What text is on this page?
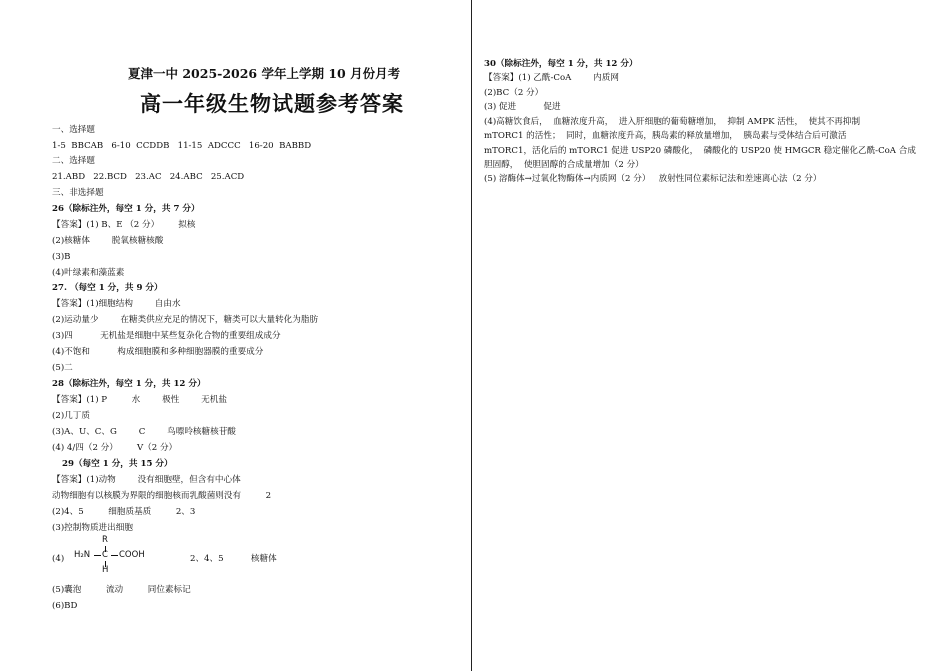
夏津一中 2025-2026 学年上学期 10 月份月考
高一年级生物试题参考答案
一、选择题
1-5  BBCAB   6-10  CCDDB   11-15  ADCCC   16-20  BABBD
二、选择题
21.ABD   22.BCD   23.AC   24.ABC   25.ACD
三、非选择题
26（除标注外，每空 1 分，共 7 分）
【答案】(1) B、E （2 分）       拟核
(2)核糖体        脱氧核糖核酸
(3)B
(4)叶绿素和藻蓝素
27. （每空 1 分，共 9 分）
【答案】(1)细胞结构        自由水
(2)运动量少        在糖类供应充足的情况下，糖类可以大量转化为脂肪
(3)四          无机盐是细胞中某些复杂化合物的重要组成成分
(4)不饱和          构成细胞膜和多种细胞器膜的重要成分
(5)二
28（除标注外，每空 1 分，共 12 分）
【答案】(1) P         水        极性        无机盐
(2)几丁质
(3)A、U、C、G        C        鸟嘌呤核糖核苷酸
(4) 4/四（2 分）       V（2 分）
29（每空 1 分，共 15 分）
【答案】(1)动物        没有细胞壁，但含有中心体
动物细胞有以核膜为界限的细胞核而乳酸菌则没有         2
(2)4、5         细胞质基质         2、3
(3)控制物质进出细胞
(4)
R
H₂N C COOH
H
2、4、5          核糖体
(5)囊泡         流动         同位素标记
(6)BD
30（除标注外，每空 1 分，共 12 分）
【答案】(1) 乙酰-CoA        内质网
(2)BC（2 分）
(3) 促进          促进
(4)高糖饮食后，  血糖浓度升高，  进入肝细胞的葡萄糖增加，  抑制 AMPK 活性，  使其不再抑制
mTORC1 的活性；  同时，血糖浓度升高，胰岛素的释放量增加，  胰岛素与受体结合后可激活
mTORC1，活化后的 mTORC1 促进 USP20 磷酸化，  磷酸化的 USP20 使 HMGCR 稳定催化乙酰-CoA 合成
胆固醇，  使胆固醇的合成量增加（2 分）
(5) 溶酶体→过氧化物酶体→内质网（2 分）   放射性同位素标记法和差速离心法（2 分）
